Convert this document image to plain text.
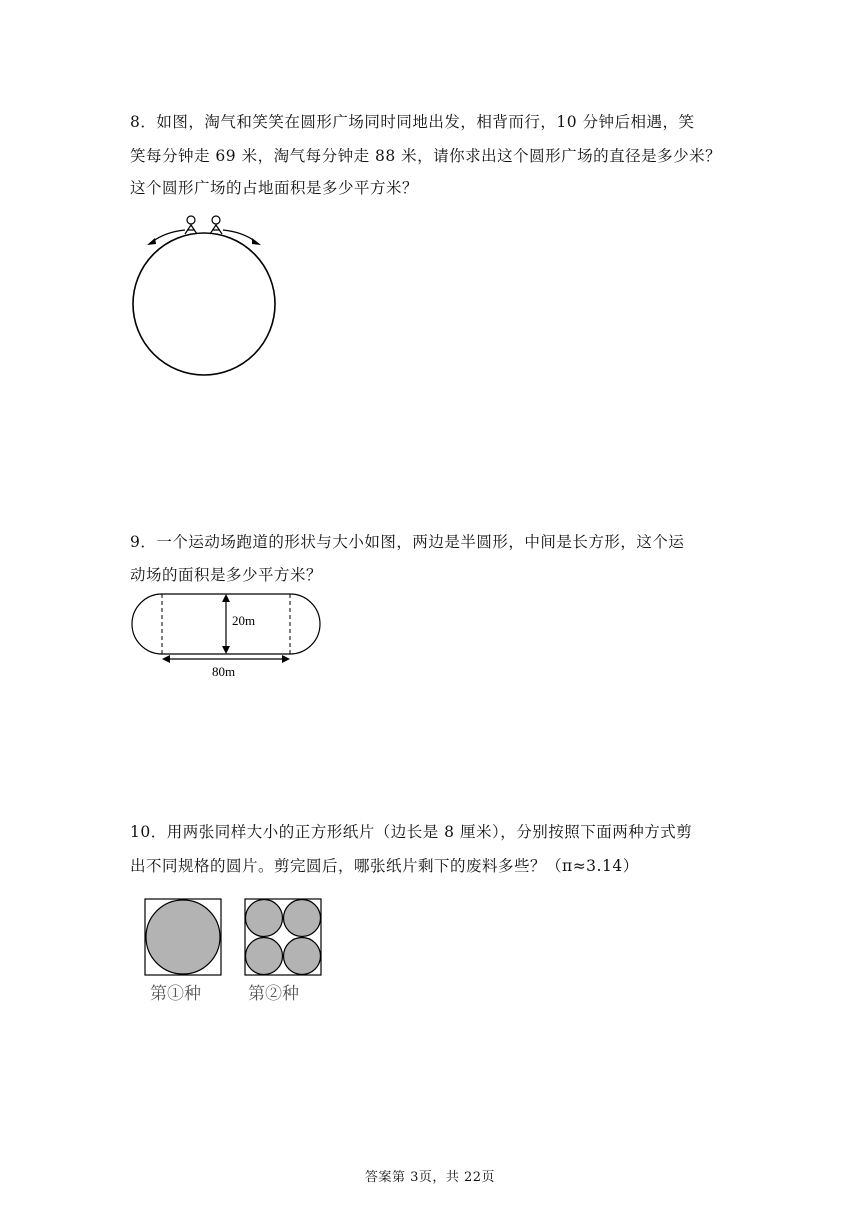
8．如图，淘气和笑笑在圆形广场同时同地出发，相背而行，10 分钟后相遇，笑
笑每分钟走 69 米，淘气每分钟走 88 米，请你求出这个圆形广场的直径是多少米？
这个圆形广场的占地面积是多少平方米？
9．一个运动场跑道的形状与大小如图，两边是半圆形，中间是长方形，这个运
动场的面积是多少平方米？
20m
80m
10．用两张同样大小的正方形纸片（边长是 8 厘米），分别按照下面两种方式剪
出不同规格的圆片。剪完圆后，哪张纸片剩下的废料多些？（π≈3.14）
第①种	第②种
答案第 3页，共 22页
